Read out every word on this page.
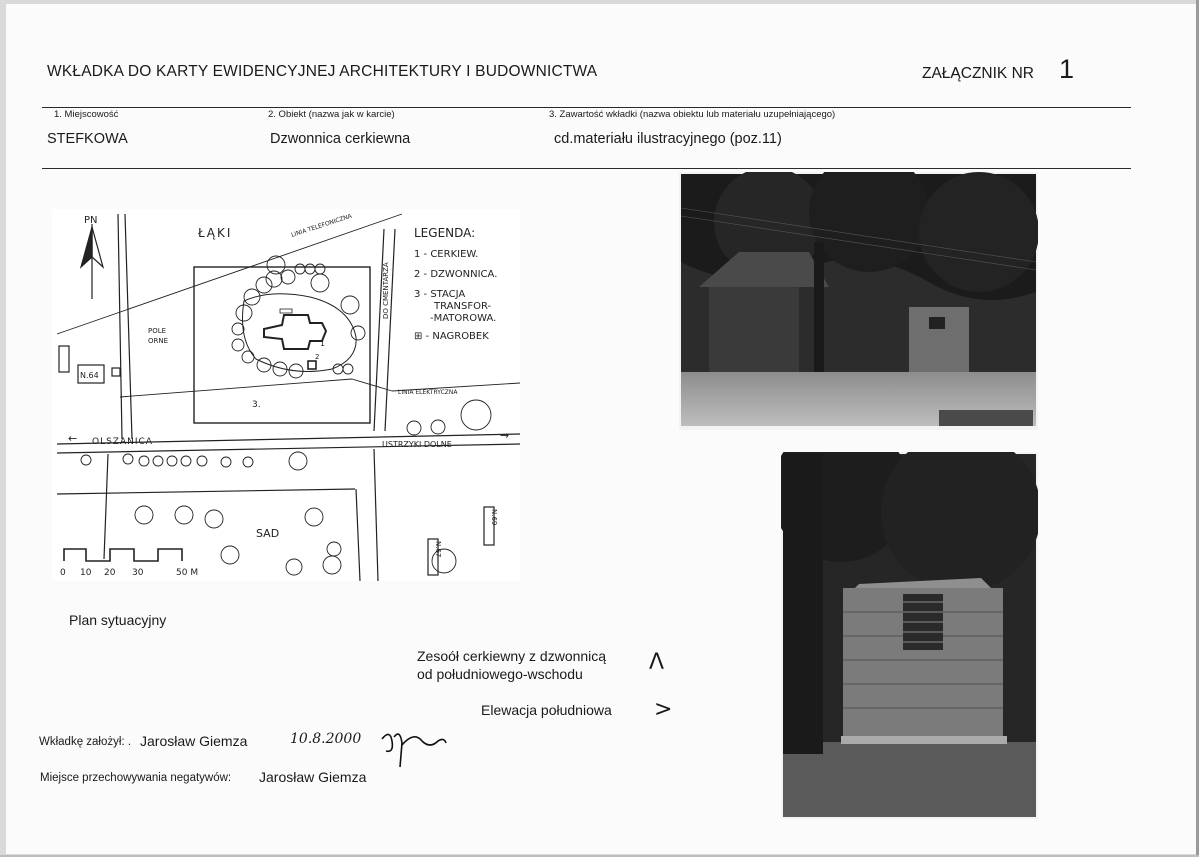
WKŁADKA DO KARTY EWIDENCYJNEJ ARCHITEKTURY I BUDOWNICTWA	ZAŁĄCZNIK NR 1
1. Miejscowość	2. Obiekt (nazwa jak w karcie)	3. Zawartość wkładki (nazwa obiektu lub materiału uzupełniającego)
STEFKOWA	Dzwonnica cerkiewna	cd.materiału ilustracyjnego (poz.11)
PN	LINIA TELEFONICZNA
ŁĄKI
DO CMENTARZA
1
2
3.
LINIA ELEKTRYCZNA
POLE
ORNE
N.64
OLSZANICA	USTRZYKI DOLNE
←	→
SAD
N.69
N.67
0 10 20 30	50 M
LEGENDA:
1 - CERKIEW.
2 - DZWONNICA.
3 - STACJA
TRANSFOR-
-MATOROWA.
⊞ - NAGROBEK
Plan sytuacyjny
Zesoół cerkiewny z dzwonnicą
od południowego-wschodu	Λ
Elewacja południowa >
Wkładkę założył: . Jarosław Giemza	10.8.2000
Miejsce przechowywania negatywów: Jarosław Giemza
